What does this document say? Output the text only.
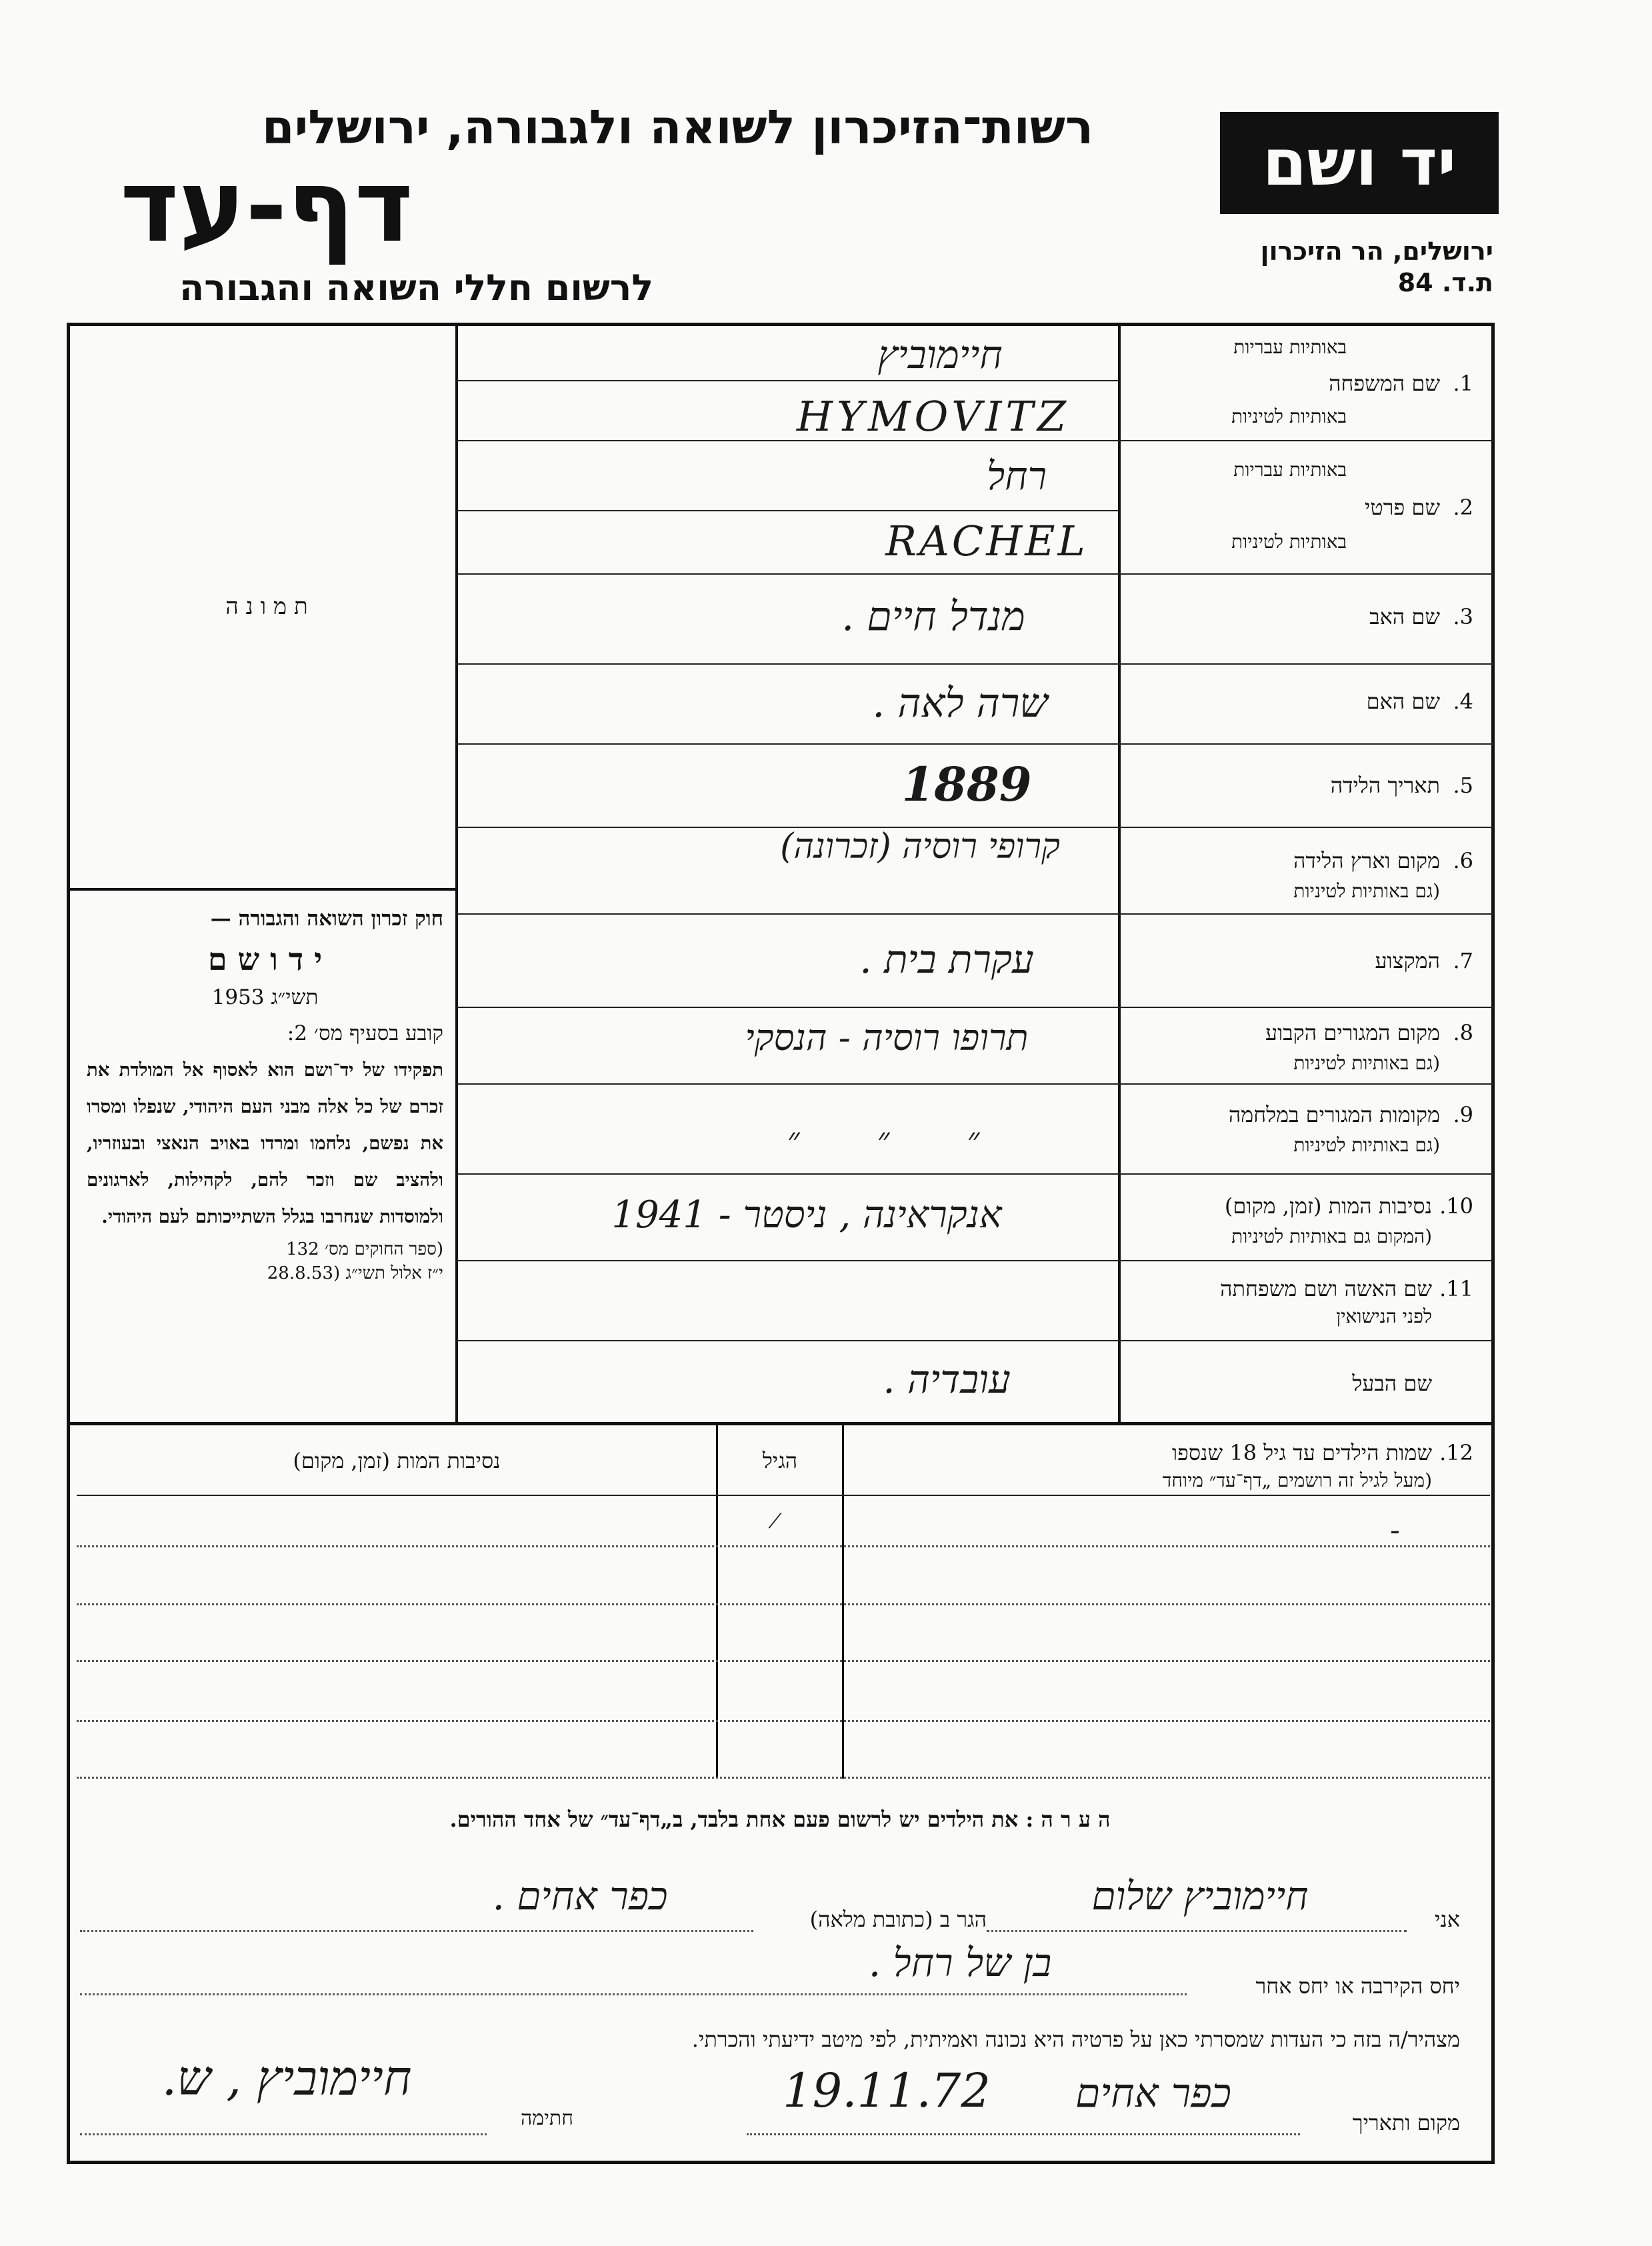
רשות־הזיכרון לשואה ולגבורה, ירושלים
דף-עד
לרשום חללי השואה והגבורה
יד ושם
ירושלים, הר הזיכרון
ת.ד. 84
ת מ ו נ ה
חוק זכרון השואה והגבורה —
י ד ו ש ם
תשי״ג 1953
קובע בסעיף מס׳ 2:
תפקידו של יד־ושם הוא לאסוף אל המולדת את זכרם של כל אלה מבני העם היהודי, שנפלו ומסרו את נפשם, נלחמו ומרדו באויב הנאצי ובעוזריו, ולהציב שם וזכר להם, לקהילות, לארגונים ולמוסדות שנחרבו בגלל השתייכותם לעם היהודי.
(ספר החוקים מס׳ 132
י״ז אלול תשי״ג (28.8.53
באותיות עבריות
1.
שם המשפחה
באותיות לטיניות
באותיות עבריות
2.
שם פרטי
באותיות לטיניות
3.
שם האב
4.
שם האם
5.
תאריך הלידה
6.
מקום וארץ הלידה
(גם באותיות לטיניות
7.
המקצוע
8.
מקום המגורים הקבוע
(גם באותיות לטיניות
9.
מקומות המגורים במלחמה
(גם באותיות לטיניות
10.
נסיבות המות (זמן, מקום)
(המקום גם באותיות לטיניות
11.
שם האשה ושם משפחתה
לפני הנישואין
שם הבעל
חיימוביץ
HYMOVITZ
רחל
RACHEL
מנדל חיים .
שרה לאה .
1889
קרופי רוסיה (זכרונה)
עקרת בית .
תרופו רוסיה - הנסקי
״ ״ ״
אנקראינה , ניסטר - 1941
עובדיה .
12.
שמות הילדים עד גיל 18 שנספו
(מעל לגיל זה רושמים „דף־עד״ מיוחד
הגיל
נסיבות המות (זמן, מקום)
⁄	-
ה ע ר ה : את הילדים יש לרשום פעם אחת בלבד, ב„דף־עד״ של אחד ההורים.
אני
חיימוביץ שלום
הגר ב (כתובת מלאה)
כפר אחים .
יחס הקירבה או יחס אחר
בן של רחל .
מצהיר/ה בזה כי העדות שמסרתי כאן על פרטיה היא נכונה ואמיתית, לפי מיטב ידיעתי והכרתי.
מקום ותאריך
כפר אחים
19.11.72
חתימה
חיימוביץ , ש.
